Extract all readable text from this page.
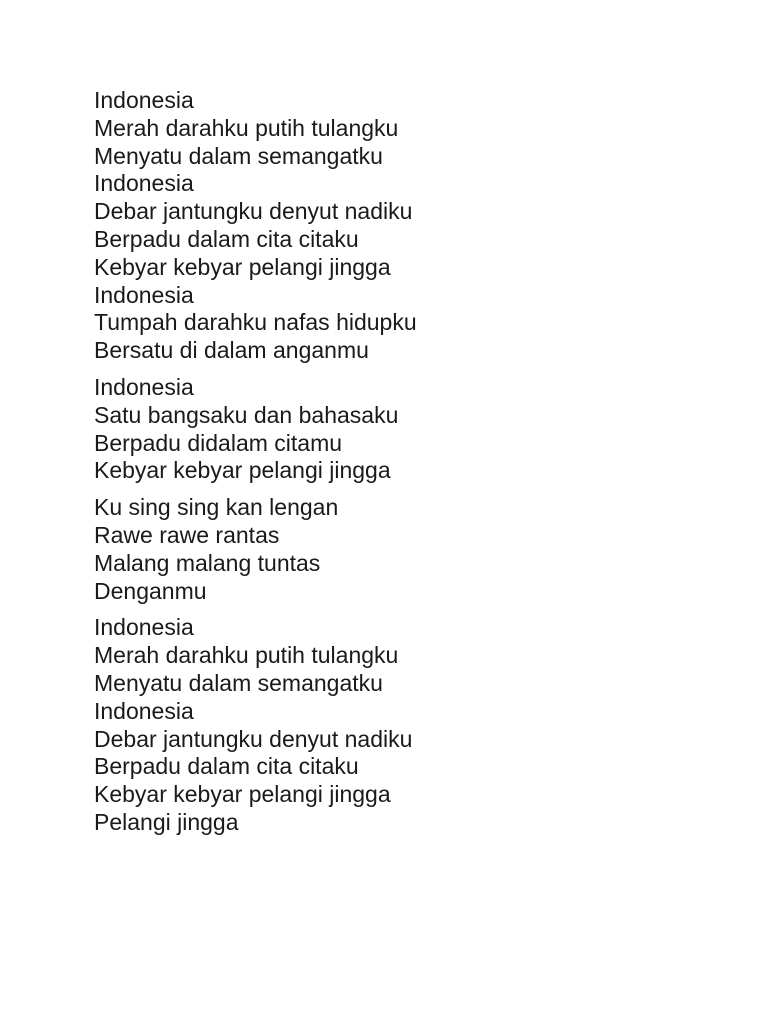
Indonesia
Merah darahku putih tulangku
Menyatu dalam semangatku
Indonesia
Debar jantungku denyut nadiku
Berpadu dalam cita citaku
Kebyar kebyar pelangi jingga
Indonesia
Tumpah darahku nafas hidupku
Bersatu di dalam anganmu
Indonesia
Satu bangsaku dan bahasaku
Berpadu didalam citamu
Kebyar kebyar pelangi jingga
Ku sing sing kan lengan
Rawe rawe rantas
Malang malang tuntas
Denganmu
Indonesia
Merah darahku putih tulangku
Menyatu dalam semangatku
Indonesia
Debar jantungku denyut nadiku
Berpadu dalam cita citaku
Kebyar kebyar pelangi jingga
Pelangi jingga
